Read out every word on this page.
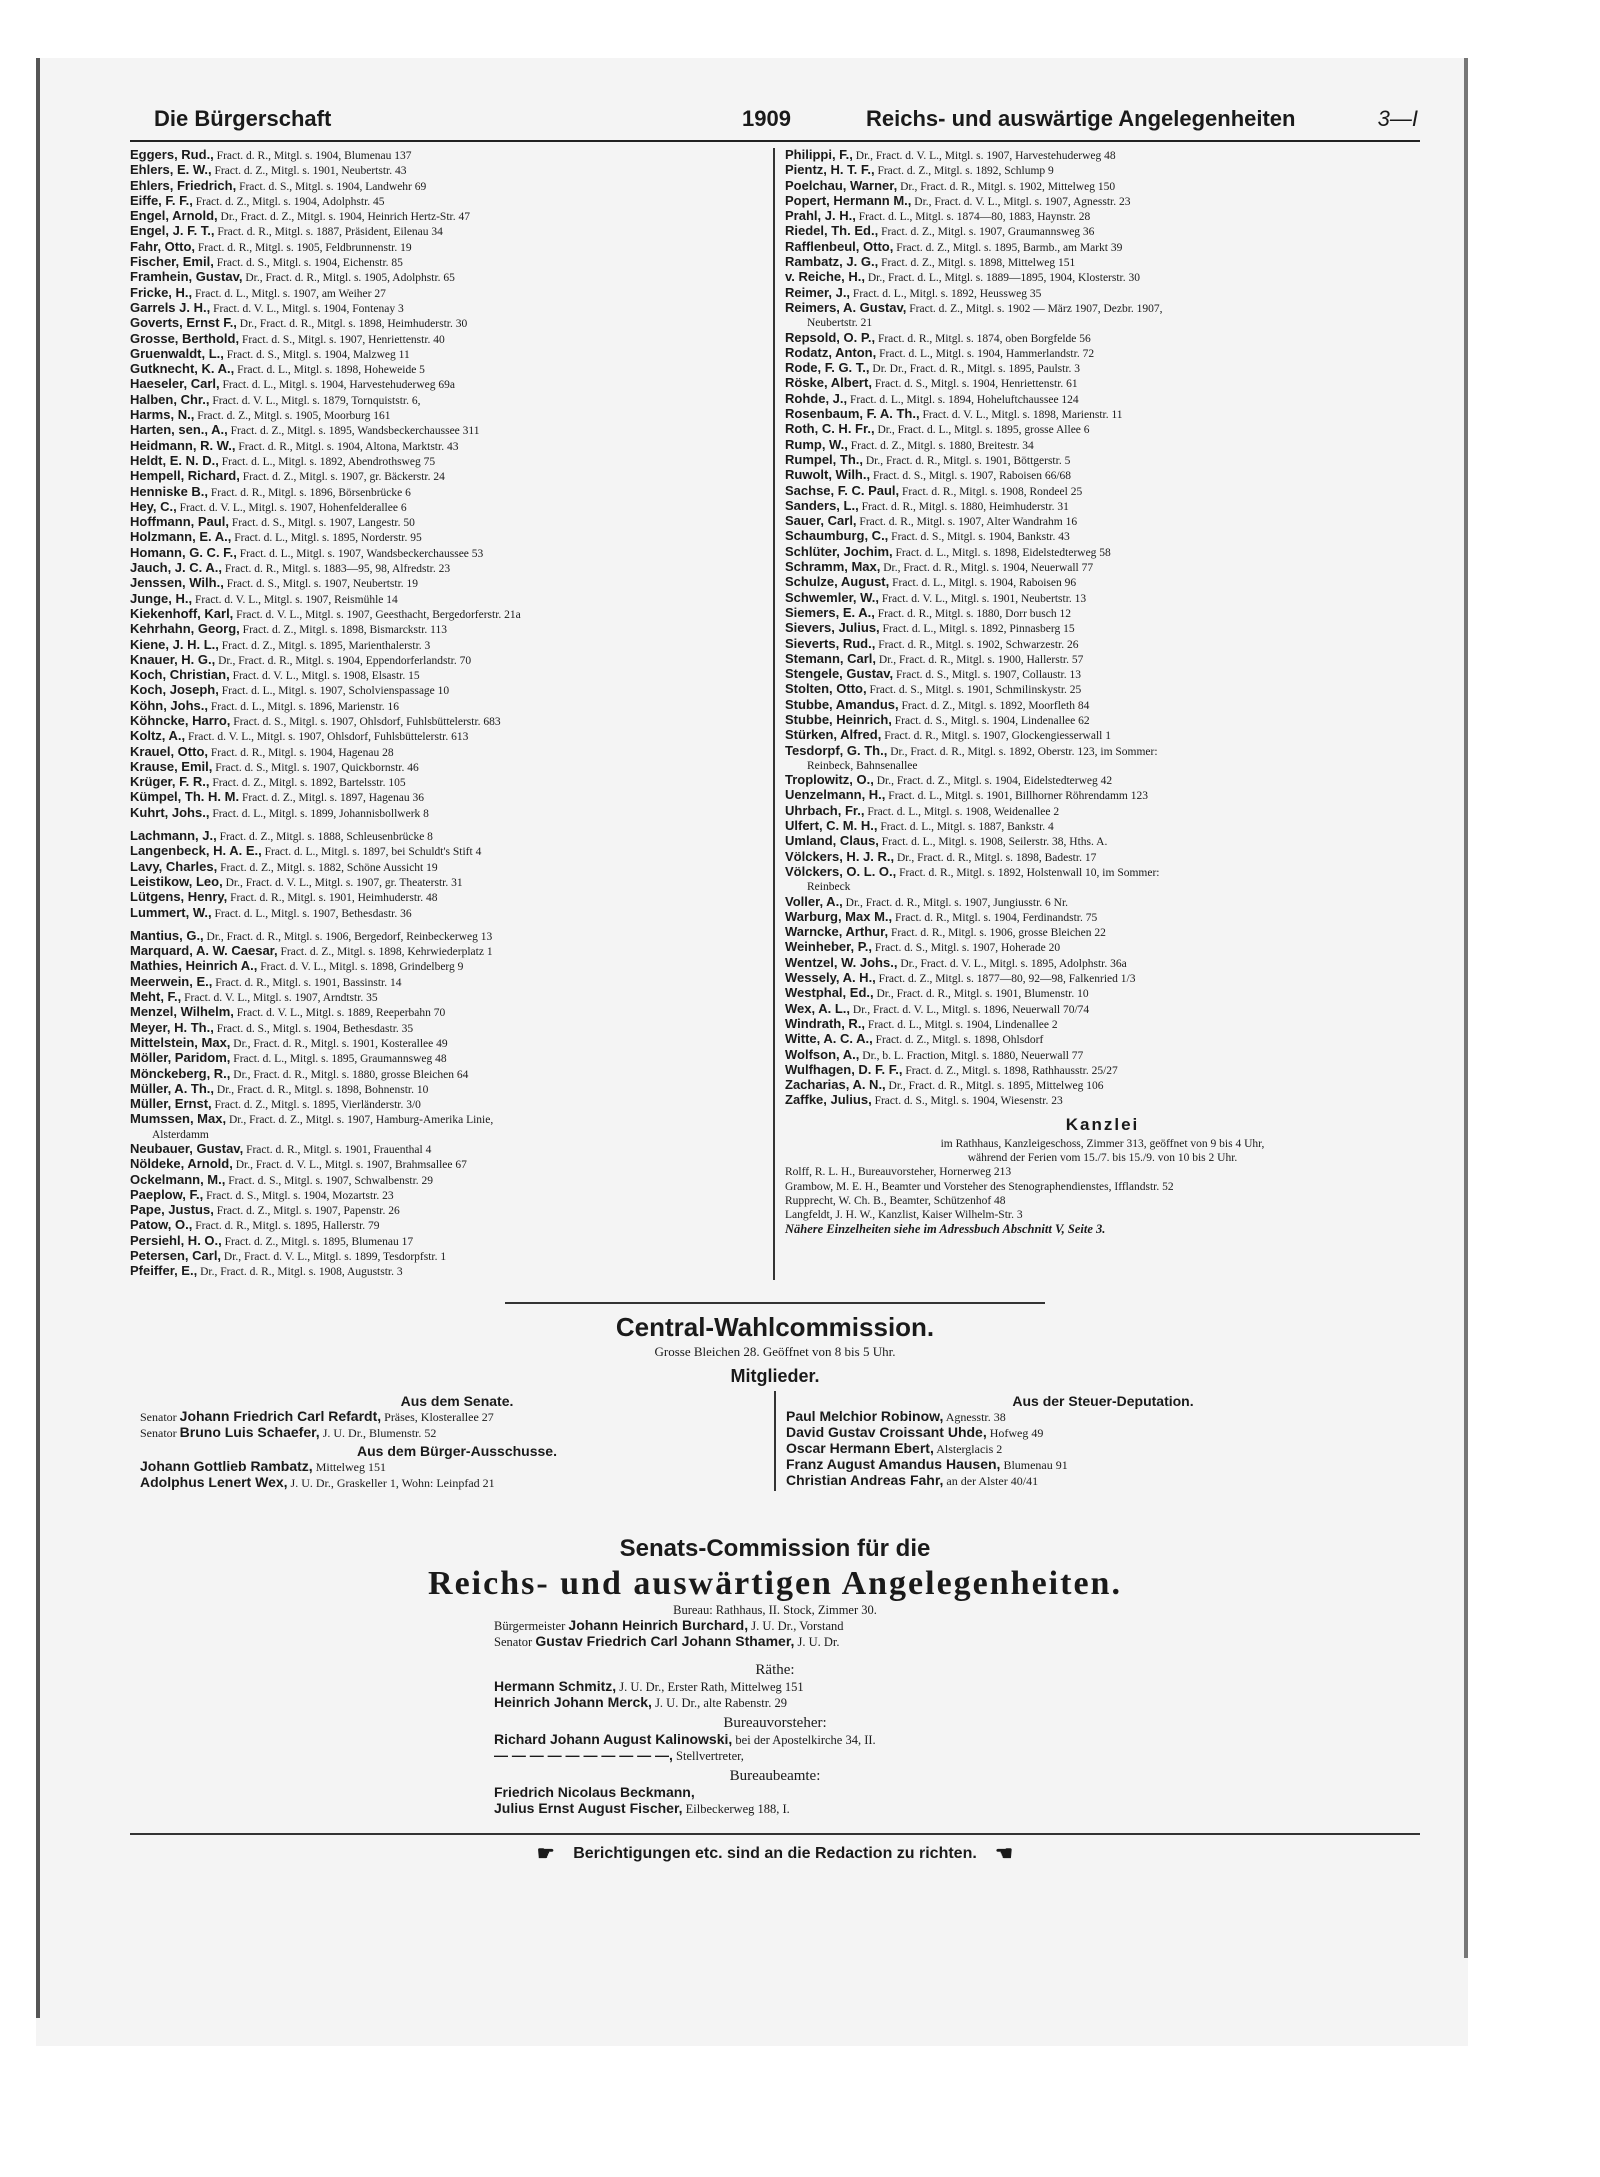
Die Bürgerschaft	1909	Reichs- und auswärtige Angelegenheiten	3—I
Eggers, Rud., Fract. d. R., Mitgl. s. 1904, Blumenau 137
Ehlers, E. W., Fract. d. Z., Mitgl. s. 1901, Neubertstr. 43
Ehlers, Friedrich, Fract. d. S., Mitgl. s. 1904, Landwehr 69
Eiffe, F. F., Fract. d. Z., Mitgl. s. 1904, Adolphstr. 45
Engel, Arnold, Dr., Fract. d. Z., Mitgl. s. 1904, Heinrich Hertz-Str. 47
Engel, J. F. T., Fract. d. R., Mitgl. s. 1887, Präsident, Eilenau 34
Fahr, Otto, Fract. d. R., Mitgl. s. 1905, Feldbrunnenstr. 19
Fischer, Emil, Fract. d. S., Mitgl. s. 1904, Eichenstr. 85
Framhein, Gustav, Dr., Fract. d. R., Mitgl. s. 1905, Adolphstr. 65
Fricke, H., Fract. d. L., Mitgl. s. 1907, am Weiher 27
Garrels J. H., Fract. d. V. L., Mitgl. s. 1904, Fontenay 3
Goverts, Ernst F., Dr., Fract. d. R., Mitgl. s. 1898, Heimhuderstr. 30
Grosse, Berthold, Fract. d. S., Mitgl. s. 1907, Henriettenstr. 40
Gruenwaldt, L., Fract. d. S., Mitgl. s. 1904, Malzweg 11
Gutknecht, K. A., Fract. d. L., Mitgl. s. 1898, Hoheweide 5
Haeseler, Carl, Fract. d. L., Mitgl. s. 1904, Harvestehuderweg 69a
Halben, Chr., Fract. d. V. L., Mitgl. s. 1879, Tornquiststr. 6,
Harms, N., Fract. d. Z., Mitgl. s. 1905, Moorburg 161
Harten, sen., A., Fract. d. Z., Mitgl. s. 1895, Wandsbeckerchaussee 311
Heidmann, R. W., Fract. d. R., Mitgl. s. 1904, Altona, Marktstr. 43
Heldt, E. N. D., Fract. d. L., Mitgl. s. 1892, Abendrothsweg 75
Hempell, Richard, Fract. d. Z., Mitgl. s. 1907, gr. Bäckerstr. 24
Henniske B., Fract. d. R., Mitgl. s. 1896, Börsenbrücke 6
Hey, C., Fract. d. V. L., Mitgl. s. 1907, Hohenfelderallee 6
Hoffmann, Paul, Fract. d. S., Mitgl. s. 1907, Langestr. 50
Holzmann, E. A., Fract. d. L., Mitgl. s. 1895, Norderstr. 95
Homann, G. C. F., Fract. d. L., Mitgl. s. 1907, Wandsbeckerchaussee 53
Jauch, J. C. A., Fract. d. R., Mitgl. s. 1883—95, 98, Alfredstr. 23
Jenssen, Wilh., Fract. d. S., Mitgl. s. 1907, Neubertstr. 19
Junge, H., Fract. d. V. L., Mitgl. s. 1907, Reismühle 14
Kiekenhoff, Karl, Fract. d. V. L., Mitgl. s. 1907, Geesthacht, Bergedorferstr. 21a
Kehrhahn, Georg, Fract. d. Z., Mitgl. s. 1898, Bismarckstr. 113
Kiene, J. H. L., Fract. d. Z., Mitgl. s. 1895, Marienthalerstr. 3
Knauer, H. G., Dr., Fract. d. R., Mitgl. s. 1904, Eppendorferlandstr. 70
Koch, Christian, Fract. d. V. L., Mitgl. s. 1908, Elsastr. 15
Koch, Joseph, Fract. d. L., Mitgl. s. 1907, Scholvienspassage 10
Köhn, Johs., Fract. d. L., Mitgl. s. 1896, Marienstr. 16
Köhncke, Harro, Fract. d. S., Mitgl. s. 1907, Ohlsdorf, Fuhlsbüttelerstr. 683
Koltz, A., Fract. d. V. L., Mitgl. s. 1907, Ohlsdorf, Fuhlsbüttelerstr. 613
Krauel, Otto, Fract. d. R., Mitgl. s. 1904, Hagenau 28
Krause, Emil, Fract. d. S., Mitgl. s. 1907, Quickbornstr. 46
Krüger, F. R., Fract. d. Z., Mitgl. s. 1892, Bartelsstr. 105
Kümpel, Th. H. M. Fract. d. Z., Mitgl. s. 1897, Hagenau 36
Kuhrt, Johs., Fract. d. L., Mitgl. s. 1899, Johannisbollwerk 8
Lachmann, J., Fract. d. Z., Mitgl. s. 1888, Schleusenbrücke 8
Langenbeck, H. A. E., Fract. d. L., Mitgl. s. 1897, bei Schuldt's Stift 4
Lavy, Charles, Fract. d. Z., Mitgl. s. 1882, Schöne Aussicht 19
Leistikow, Leo, Dr., Fract. d. V. L., Mitgl. s. 1907, gr. Theaterstr. 31
Lütgens, Henry, Fract. d. R., Mitgl. s. 1901, Heimhuderstr. 48
Lummert, W., Fract. d. L., Mitgl. s. 1907, Bethesdastr. 36
Mantius, G., Dr., Fract. d. R., Mitgl. s. 1906, Bergedorf, Reinbeckerweg 13
Marquard, A. W. Caesar, Fract. d. Z., Mitgl. s. 1898, Kehrwiederplatz 1
Mathies, Heinrich A., Fract. d. V. L., Mitgl. s. 1898, Grindelberg 9
Meerwein, E., Fract. d. R., Mitgl. s. 1901, Bassinstr. 14
Meht, F., Fract. d. V. L., Mitgl. s. 1907, Arndtstr. 35
Menzel, Wilhelm, Fract. d. V. L., Mitgl. s. 1889, Reeperbahn 70
Meyer, H. Th., Fract. d. S., Mitgl. s. 1904, Bethesdastr. 35
Mittelstein, Max, Dr., Fract. d. R., Mitgl. s. 1901, Kosterallee 49
Möller, Paridom, Fract. d. L., Mitgl. s. 1895, Graumannsweg 48
Mönckeberg, R., Dr., Fract. d. R., Mitgl. s. 1880, grosse Bleichen 64
Müller, A. Th., Dr., Fract. d. R., Mitgl. s. 1898, Bohnenstr. 10
Müller, Ernst, Fract. d. Z., Mitgl. s. 1895, Vierländerstr. 3/0
Mumssen, Max, Dr., Fract. d. Z., Mitgl. s. 1907, Hamburg-Amerika Linie,
Alsterdamm
Neubauer, Gustav, Fract. d. R., Mitgl. s. 1901, Frauenthal 4
Nöldeke, Arnold, Dr., Fract. d. V. L., Mitgl. s. 1907, Brahmsallee 67
Ockelmann, M., Fract. d. S., Mitgl. s. 1907, Schwalbenstr. 29
Paeplow, F., Fract. d. S., Mitgl. s. 1904, Mozartstr. 23
Pape, Justus, Fract. d. Z., Mitgl. s. 1907, Papenstr. 26
Patow, O., Fract. d. R., Mitgl. s. 1895, Hallerstr. 79
Persiehl, H. O., Fract. d. Z., Mitgl. s. 1895, Blumenau 17
Petersen, Carl, Dr., Fract. d. V. L., Mitgl. s. 1899, Tesdorpfstr. 1
Pfeiffer, E., Dr., Fract. d. R., Mitgl. s. 1908, Auguststr. 3
Philippi, F., Dr., Fract. d. V. L., Mitgl. s. 1907, Harvestehuderweg 48
Pientz, H. T. F., Fract. d. Z., Mitgl. s. 1892, Schlump 9
Poelchau, Warner, Dr., Fract. d. R., Mitgl. s. 1902, Mittelweg 150
Popert, Hermann M., Dr., Fract. d. V. L., Mitgl. s. 1907, Agnesstr. 23
Prahl, J. H., Fract. d. L., Mitgl. s. 1874—80, 1883, Haynstr. 28
Riedel, Th. Ed., Fract. d. Z., Mitgl. s. 1907, Graumannsweg 36
Rafflenbeul, Otto, Fract. d. Z., Mitgl. s. 1895, Barmb., am Markt 39
Rambatz, J. G., Fract. d. Z., Mitgl. s. 1898, Mittelweg 151
v. Reiche, H., Dr., Fract. d. L., Mitgl. s. 1889—1895, 1904, Klosterstr. 30
Reimer, J., Fract. d. L., Mitgl. s. 1892, Heussweg 35
Reimers, A. Gustav, Fract. d. Z., Mitgl. s. 1902 — März 1907, Dezbr. 1907,
Neubertstr. 21
Repsold, O. P., Fract. d. R., Mitgl. s. 1874, oben Borgfelde 56
Rodatz, Anton, Fract. d. L., Mitgl. s. 1904, Hammerlandstr. 72
Rode, F. G. T., Dr. Dr., Fract. d. R., Mitgl. s. 1895, Paulstr. 3
Röske, Albert, Fract. d. S., Mitgl. s. 1904, Henriettenstr. 61
Rohde, J., Fract. d. L., Mitgl. s. 1894, Hoheluftchaussee 124
Rosenbaum, F. A. Th., Fract. d. V. L., Mitgl. s. 1898, Marienstr. 11
Roth, C. H. Fr., Dr., Fract. d. L., Mitgl. s. 1895, grosse Allee 6
Rump, W., Fract. d. Z., Mitgl. s. 1880, Breitestr. 34
Rumpel, Th., Dr., Fract. d. R., Mitgl. s. 1901, Böttgerstr. 5
Ruwolt, Wilh., Fract. d. S., Mitgl. s. 1907, Raboisen 66/68
Sachse, F. C. Paul, Fract. d. R., Mitgl. s. 1908, Rondeel 25
Sanders, L., Fract. d. R., Mitgl. s. 1880, Heimhuderstr. 31
Sauer, Carl, Fract. d. R., Mitgl. s. 1907, Alter Wandrahm 16
Schaumburg, C., Fract. d. S., Mitgl. s. 1904, Bankstr. 43
Schlüter, Jochim, Fract. d. L., Mitgl. s. 1898, Eidelstedterweg 58
Schramm, Max, Dr., Fract. d. R., Mitgl. s. 1904, Neuerwall 77
Schulze, August, Fract. d. L., Mitgl. s. 1904, Raboisen 96
Schwemler, W., Fract. d. V. L., Mitgl. s. 1901, Neubertstr. 13
Siemers, E. A., Fract. d. R., Mitgl. s. 1880, Dorr busch 12
Sievers, Julius, Fract. d. L., Mitgl. s. 1892, Pinnasberg 15
Sieverts, Rud., Fract. d. R., Mitgl. s. 1902, Schwarzestr. 26
Stemann, Carl, Dr., Fract. d. R., Mitgl. s. 1900, Hallerstr. 57
Stengele, Gustav, Fract. d. S., Mitgl. s. 1907, Collaustr. 13
Stolten, Otto, Fract. d. S., Mitgl. s. 1901, Schmilinskystr. 25
Stubbe, Amandus, Fract. d. Z., Mitgl. s. 1892, Moorfleth 84
Stubbe, Heinrich, Fract. d. S., Mitgl. s. 1904, Lindenallee 62
Stürken, Alfred, Fract. d. R., Mitgl. s. 1907, Glockengiesserwall 1
Tesdorpf, G. Th., Dr., Fract. d. R., Mitgl. s. 1892, Oberstr. 123, im Sommer:
Reinbeck, Bahnsenallee
Troplowitz, O., Dr., Fract. d. Z., Mitgl. s. 1904, Eidelstedterweg 42
Uenzelmann, H., Fract. d. L., Mitgl. s. 1901, Billhorner Röhrendamm 123
Uhrbach, Fr., Fract. d. L., Mitgl. s. 1908, Weidenallee 2
Ulfert, C. M. H., Fract. d. L., Mitgl. s. 1887, Bankstr. 4
Umland, Claus, Fract. d. L., Mitgl. s. 1908, Seilerstr. 38, Hths. A.
Völckers, H. J. R., Dr., Fract. d. R., Mitgl. s. 1898, Badestr. 17
Völckers, O. L. O., Fract. d. R., Mitgl. s. 1892, Holstenwall 10, im Sommer:
Reinbeck
Voller, A., Dr., Fract. d. R., Mitgl. s. 1907, Jungiusstr. 6 Nr.
Warburg, Max M., Fract. d. R., Mitgl. s. 1904, Ferdinandstr. 75
Warncke, Arthur, Fract. d. R., Mitgl. s. 1906, grosse Bleichen 22
Weinheber, P., Fract. d. S., Mitgl. s. 1907, Hoherade 20
Wentzel, W. Johs., Dr., Fract. d. V. L., Mitgl. s. 1895, Adolphstr. 36a
Wessely, A. H., Fract. d. Z., Mitgl. s. 1877—80, 92—98, Falkenried 1/3
Westphal, Ed., Dr., Fract. d. R., Mitgl. s. 1901, Blumenstr. 10
Wex, A. L., Dr., Fract. d. V. L., Mitgl. s. 1896, Neuerwall 70/74
Windrath, R., Fract. d. L., Mitgl. s. 1904, Lindenallee 2
Witte, A. C. A., Fract. d. Z., Mitgl. s. 1898, Ohlsdorf
Wolfson, A., Dr., b. L. Fraction, Mitgl. s. 1880, Neuerwall 77
Wulfhagen, D. F. F., Fract. d. Z., Mitgl. s. 1898, Rathhausstr. 25/27
Zacharias, A. N., Dr., Fract. d. R., Mitgl. s. 1895, Mittelweg 106
Zaffke, Julius, Fract. d. S., Mitgl. s. 1904, Wiesenstr. 23
Kanzlei
im Rathhaus, Kanzleigeschoss, Zimmer 313, geöffnet von 9 bis 4 Uhr,
während der Ferien vom 15./7. bis 15./9. von 10 bis 2 Uhr.
Rolff, R. L. H., Bureauvorsteher, Hornerweg 213
Grambow, M. E. H., Beamter und Vorsteher des Stenographendienstes, Ifflandstr. 52
Rupprecht, W. Ch. B., Beamter, Schützenhof 48
Langfeldt, J. H. W., Kanzlist, Kaiser Wilhelm-Str. 3
Nähere Einzelheiten siehe im Adressbuch Abschnitt V, Seite 3.
Central-Wahlcommission.
Grosse Bleichen 28. Geöffnet von 8 bis 5 Uhr.
Mitglieder.
Aus dem Senate.
Senator Johann Friedrich Carl Refardt, Präses, Klosterallee 27
Senator Bruno Luis Schaefer, J. U. Dr., Blumenstr. 52
Aus dem Bürger-Ausschusse.
Johann Gottlieb Rambatz, Mittelweg 151
Adolphus Lenert Wex, J. U. Dr., Graskeller 1, Wohn: Leinpfad 21
Aus der Steuer-Deputation.
Paul Melchior Robinow, Agnesstr. 38
David Gustav Croissant Uhde, Hofweg 49
Oscar Hermann Ebert, Alsterglacis 2
Franz August Amandus Hausen, Blumenau 91
Christian Andreas Fahr, an der Alster 40/41
Senats-Commission für die
Reichs- und auswärtigen Angelegenheiten.
Bureau: Rathhaus, II. Stock, Zimmer 30.
Bürgermeister Johann Heinrich Burchard, J. U. Dr., Vorstand
Senator Gustav Friedrich Carl Johann Sthamer, J. U. Dr.
Räthe:
Hermann Schmitz, J. U. Dr., Erster Rath, Mittelweg 151
Heinrich Johann Merck, J. U. Dr., alte Rabenstr. 29
Bureauvorsteher:
Richard Johann August Kalinowski, bei der Apostelkirche 34, II.
— — — — — — — — — —, Stellvertreter,
Bureaubeamte:
Friedrich Nicolaus Beckmann,
Julius Ernst August Fischer, Eilbeckerweg 188, I.
☛ Berichtigungen etc. sind an die Redaction zu richten. ☛
